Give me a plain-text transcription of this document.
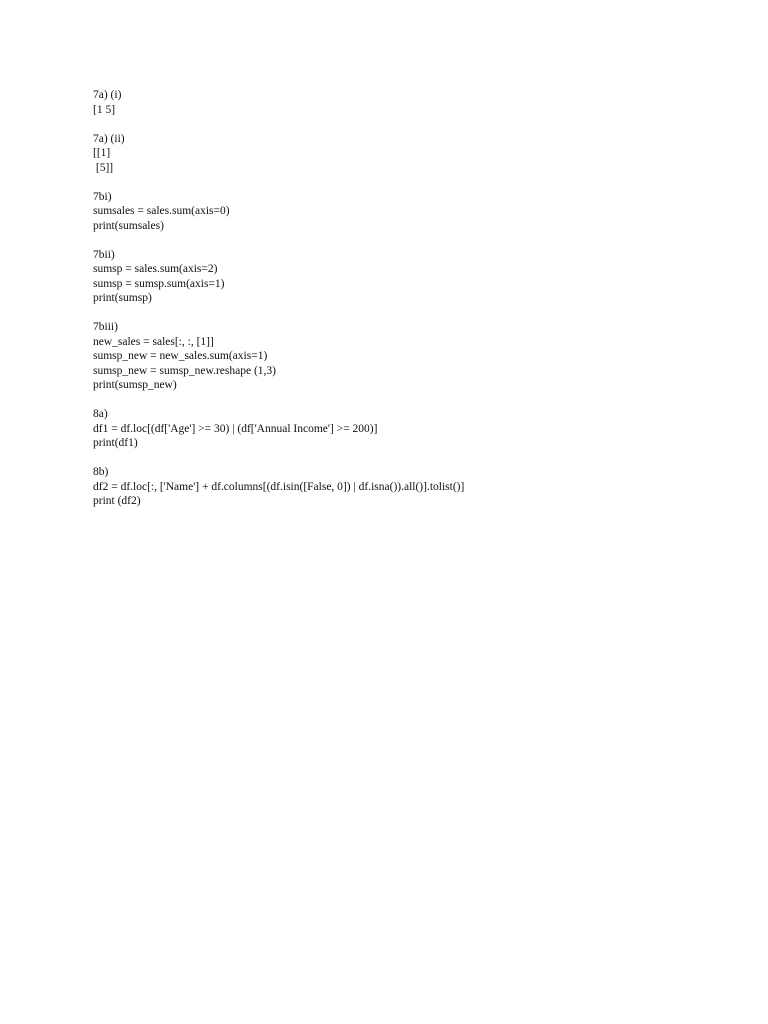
7a) (i)
[1 5]
7a) (ii)
[[1]
[5]]
7bi)
sumsales = sales.sum(axis=0)
print(sumsales)
7bii)
sumsp = sales.sum(axis=2)
sumsp = sumsp.sum(axis=1)
print(sumsp)
7biii)
new_sales = sales[:, :, [1]]
sumsp_new = new_sales.sum(axis=1)
sumsp_new = sumsp_new.reshape (1,3)
print(sumsp_new)
8a)
df1 = df.loc[(df['Age'] >= 30) | (df['Annual Income'] >= 200)]
print(df1)
8b)
df2 = df.loc[:, ['Name'] + df.columns[(df.isin([False, 0]) | df.isna()).all()].tolist()]
print (df2)
